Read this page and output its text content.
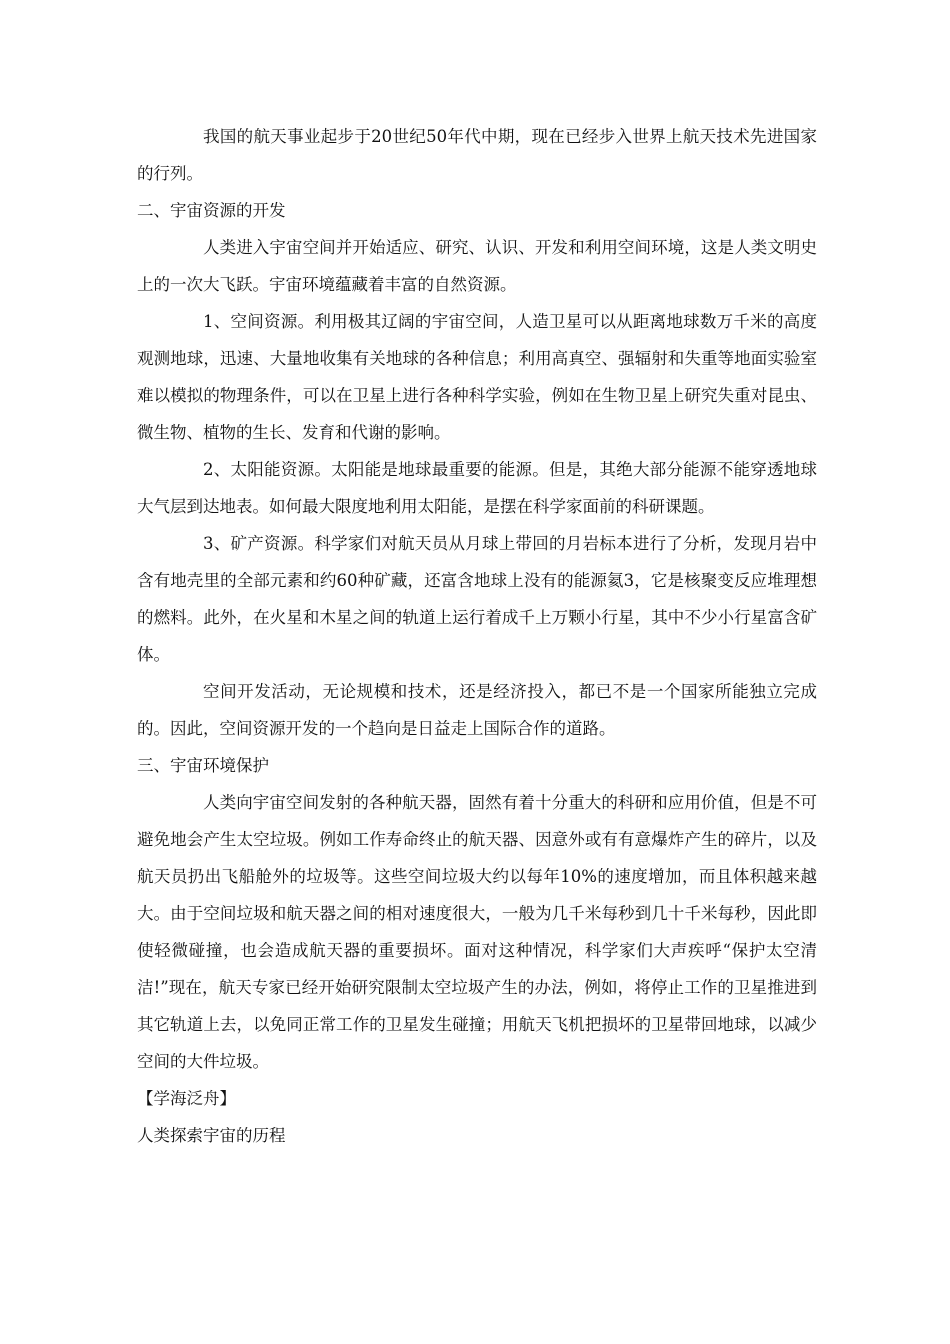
我国的航天事业起步于20世纪50年代中期，现在已经步入世界上航天技术先进国家的行列。

二、宇宙资源的开发

人类进入宇宙空间并开始适应、研究、认识、开发和利用空间环境，这是人类文明史上的一次大飞跃。宇宙环境蕴藏着丰富的自然资源。

1、空间资源。利用极其辽阔的宇宙空间，人造卫星可以从距离地球数万千米的高度观测地球，迅速、大量地收集有关地球的各种信息；利用高真空、强辐射和失重等地面实验室难以模拟的物理条件，可以在卫星上进行各种科学实验，例如在生物卫星上研究失重对昆虫、微生物、植物的生长、发育和代谢的影响。

2、太阳能资源。太阳能是地球最重要的能源。但是，其绝大部分能源不能穿透地球大气层到达地表。如何最大限度地利用太阳能，是摆在科学家面前的科研课题。

3、矿产资源。科学家们对航天员从月球上带回的月岩标本进行了分析，发现月岩中含有地壳里的全部元素和约60种矿藏，还富含地球上没有的能源氦3，它是核聚变反应堆理想的燃料。此外，在火星和木星之间的轨道上运行着成千上万颗小行星，其中不少小行星富含矿体。

空间开发活动，无论规模和技术，还是经济投入，都已不是一个国家所能独立完成的。因此，空间资源开发的一个趋向是日益走上国际合作的道路。

三、宇宙环境保护

人类向宇宙空间发射的各种航天器，固然有着十分重大的科研和应用价值，但是不可避免地会产生太空垃圾。例如工作寿命终止的航天器、因意外或有有意爆炸产生的碎片，以及航天员扔出飞船舱外的垃圾等。这些空间垃圾大约以每年10%的速度增加，而且体积越来越大。由于空间垃圾和航天器之间的相对速度很大，一般为几千米每秒到几十千米每秒，因此即使轻微碰撞，也会造成航天器的重要损坏。面对这种情况，科学家们大声疾呼“保护太空清洁!”现在，航天专家已经开始研究限制太空垃圾产生的办法，例如，将停止工作的卫星推进到其它轨道上去，以免同正常工作的卫星发生碰撞；用航天飞机把损坏的卫星带回地球，以减少空间的大件垃圾。

【学海泛舟】

人类探索宇宙的历程
